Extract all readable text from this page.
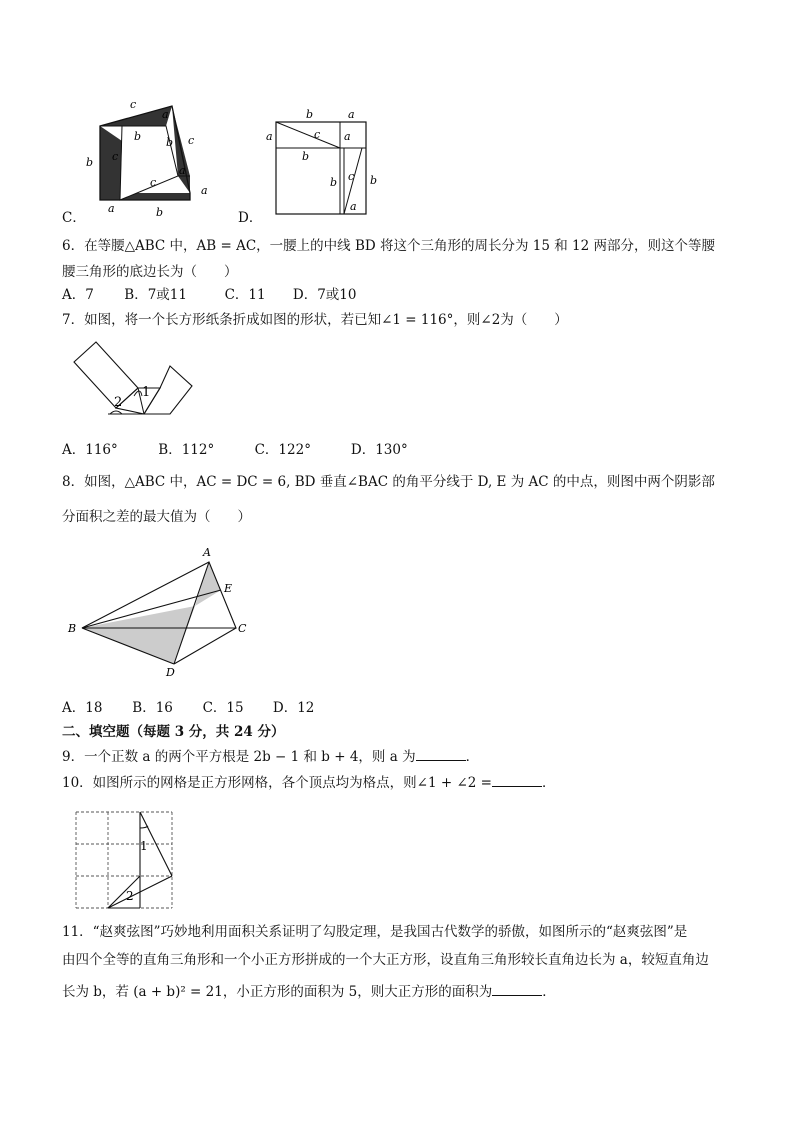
c
a
b b c
c
b
c
a
a
a	b
C．
b	a
a	c a
b
b c b
a
D．
6．在等腰△ABC 中，AB = AC，一腰上的中线 BD 将这个三角形的周长分为 15 和 12 两部分，则这个等腰
腰三角形的底边长为（　　）
A．7 B．7或11	C．11 D．7或10
7．如图，将一个长方形纸条折成如图的形状，若已知∠1 = 116°，则∠2为（　　）
1
2
A．116°	B．112°	C．122°	D．130°
8．如图，△ABC 中，AC = DC = 6, BD 垂直∠BAC 的角平分线于 D, E 为 AC 的中点，则图中两个阴影部
分面积之差的最大值为（　　）
A
B	C
D
E
A．18 B．16 C．15 D．12
二、填空题（每题 3 分，共 24 分）
9．一个正数 a 的两个平方根是 2b − 1 和 b + 4，则 a 为	．
10．如图所示的网格是正方形网格，各个顶点均为格点，则∠1 + ∠2 =	．
1
2
11．“赵爽弦图”巧妙地利用面积关系证明了勾股定理，是我国古代数学的骄傲，如图所示的“赵爽弦图”是
由四个全等的直角三角形和一个小正方形拼成的一个大正方形，设直角三角形较长直角边长为 a，较短直角边
长为 b，若 (a + b)² = 21，小正方形的面积为 5，则大正方形的面积为	．
